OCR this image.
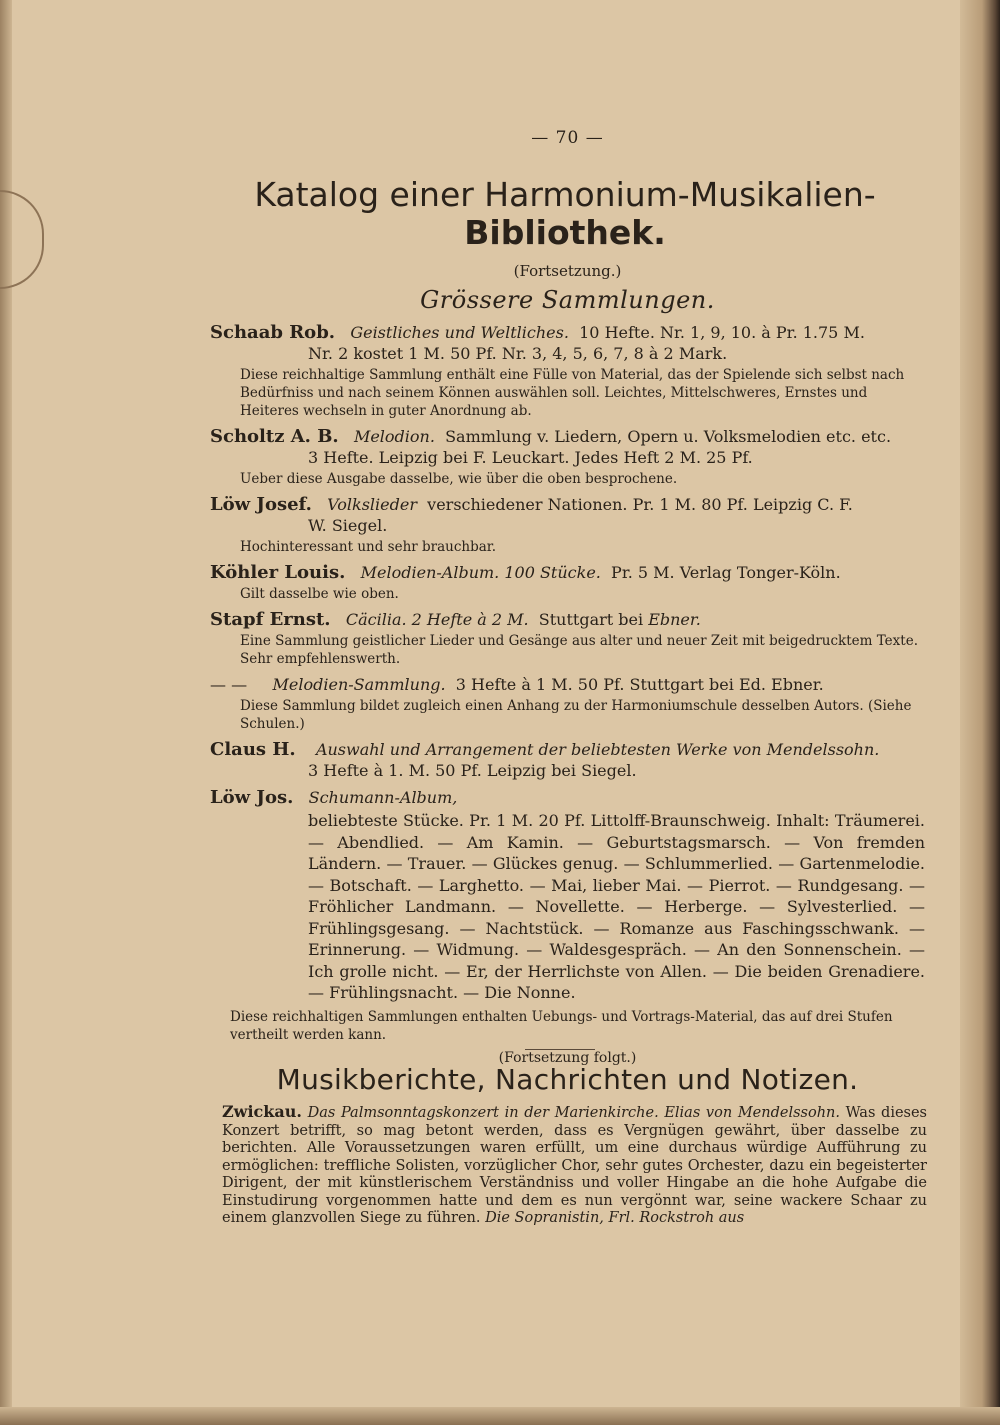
— 70 —
Katalog einer Harmonium-Musikalien-
Bibliothek.
(Fortsetzung.)
Grössere Sammlungen.
Schaab Rob. Geistliches und Weltliches. 10 Hefte. Nr. 1, 9, 10. à Pr. 1.75 M.
Nr. 2 kostet 1 M. 50 Pf. Nr. 3, 4, 5, 6, 7, 8 à 2 Mark.
Diese reichhaltige Sammlung enthält eine Fülle von Material, das der Spielende sich selbst nach Bedürfniss und nach seinem Können auswählen soll. Leichtes, Mittelschweres, Ernstes und Heiteres wechseln in guter Anordnung ab.
Scholtz A. B. Melodion. Sammlung v. Liedern, Opern u. Volksmelodien etc. etc.
3 Hefte. Leipzig bei F. Leuckart. Jedes Heft 2 M. 25 Pf.
Ueber diese Ausgabe dasselbe, wie über die oben besprochene.
Löw Josef. Volkslieder verschiedener Nationen. Pr. 1 M. 80 Pf. Leipzig C. F.
W. Siegel.
Hochinteressant und sehr brauchbar.
Köhler Louis. Melodien-Album. 100 Stücke. Pr. 5 M. Verlag Tonger-Köln.
Gilt dasselbe wie oben.
Stapf Ernst. Cäcilia. 2 Hefte à 2 M. Stuttgart bei Ebner.
Eine Sammlung geistlicher Lieder und Gesänge aus alter und neuer Zeit mit beigedrucktem Texte. Sehr empfehlenswerth.
— — Melodien-Sammlung. 3 Hefte à 1 M. 50 Pf. Stuttgart bei Ed. Ebner.
Diese Sammlung bildet zugleich einen Anhang zu der Harmoniumschule desselben Autors. (Siehe Schulen.)
Claus H. Auswahl und Arrangement der beliebtesten Werke von Mendelssohn.
3 Hefte à 1. M. 50 Pf. Leipzig bei Siegel.
Löw Jos. Schumann-Album,
beliebteste Stücke. Pr. 1 M. 20 Pf. Littolff-Braunschweig. Inhalt: Träumerei. — Abendlied. — Am Kamin. — Geburtstagsmarsch. — Von fremden Ländern. — Trauer. — Glückes genug. — Schlummerlied. — Gartenmelodie. — Botschaft. — Larghetto. — Mai, lieber Mai. — Pierrot. — Rundgesang. — Fröhlicher Landmann. — Novellette. — Herberge. — Sylvesterlied. — Frühlingsgesang. — Nachtstück. — Romanze aus Faschingsschwank. — Erinnerung. — Widmung. — Waldesgespräch. — An den Sonnenschein. — Ich grolle nicht. — Er, der Herrlichste von Allen. — Die beiden Grenadiere. — Frühlingsnacht. — Die Nonne.
Diese reichhaltigen Sammlungen enthalten Uebungs- und Vortrags-Material, das auf drei Stufen vertheilt werden kann.
(Fortsetzung folgt.)
Musikberichte, Nachrichten und Notizen.
Zwickau. Das Palmsonntagskonzert in der Marienkirche. Elias von Mendelssohn. Was dieses Konzert betrifft, so mag betont werden, dass es Vergnügen gewährt, über dasselbe zu berichten. Alle Voraussetzungen waren erfüllt, um eine durchaus würdige Aufführung zu ermöglichen: treffliche Solisten, vorzüglicher Chor, sehr gutes Orchester, dazu ein begeisterter Dirigent, der mit künstlerischem Verständniss und voller Hingabe an die hohe Aufgabe die Einstudirung vorgenommen hatte und dem es nun vergönnt war, seine wackere Schaar zu einem glanzvollen Siege zu führen. Die Sopranistin, Frl. Rockstroh aus
